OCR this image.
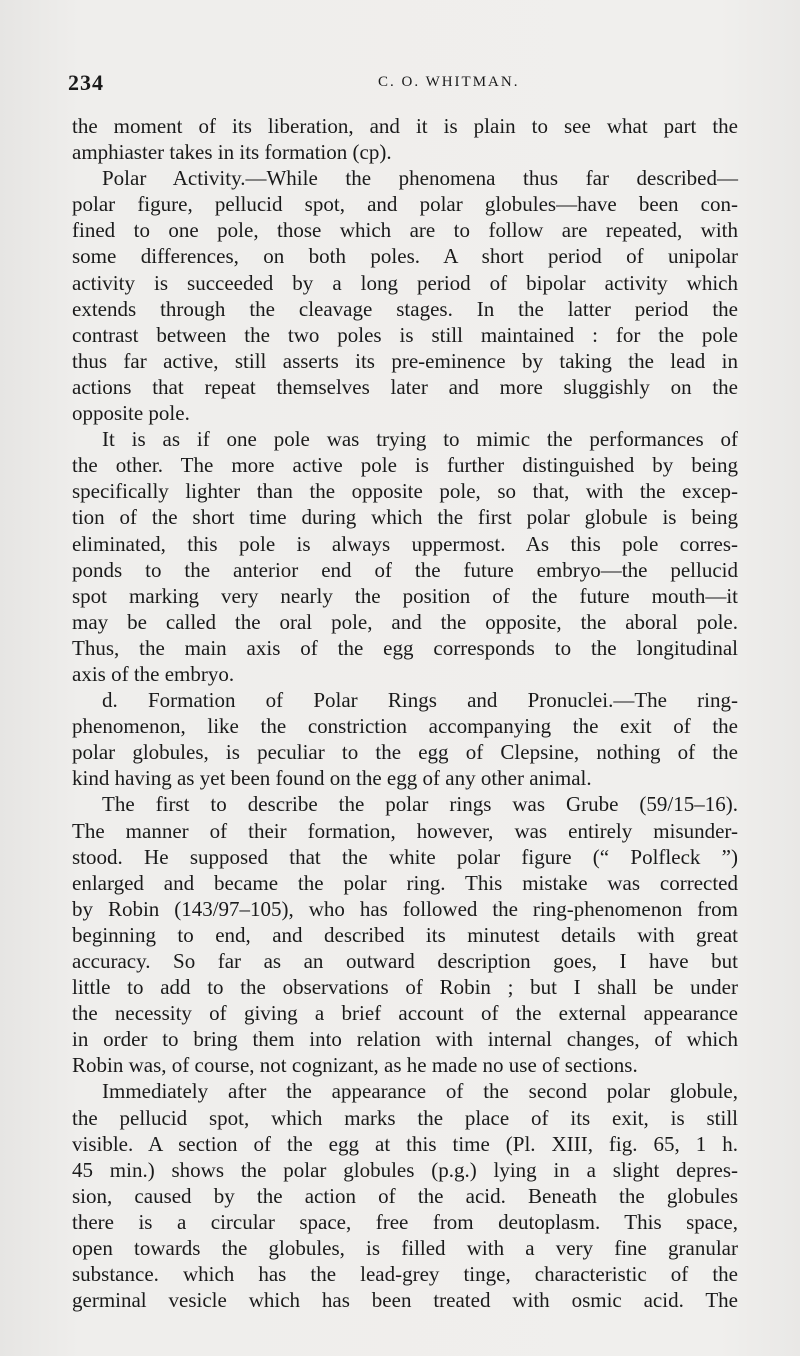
234	C. O. WHITMAN.
the moment of its liberation, and it is plain to see what part the
amphiaster takes in its formation (cp).
Polar Activity.—While the phenomena thus far described—
polar figure, pellucid spot, and polar globules—have been con-
fined to one pole, those which are to follow are repeated, with
some differences, on both poles. A short period of unipolar
activity is succeeded by a long period of bipolar activity which
extends through the cleavage stages. In the latter period the
contrast between the two poles is still maintained : for the pole
thus far active, still asserts its pre-eminence by taking the lead in
actions that repeat themselves later and more sluggishly on the
opposite pole.
It is as if one pole was trying to mimic the performances of
the other. The more active pole is further distinguished by being
specifically lighter than the opposite pole, so that, with the excep-
tion of the short time during which the first polar globule is being
eliminated, this pole is always uppermost. As this pole corres-
ponds to the anterior end of the future embryo—the pellucid
spot marking very nearly the position of the future mouth—it
may be called the oral pole, and the opposite, the aboral pole.
Thus, the main axis of the egg corresponds to the longitudinal
axis of the embryo.
d. Formation of Polar Rings and Pronuclei.—The ring-
phenomenon, like the constriction accompanying the exit of the
polar globules, is peculiar to the egg of Clepsine, nothing of the
kind having as yet been found on the egg of any other animal.
The first to describe the polar rings was Grube (59/15–16).
The manner of their formation, however, was entirely misunder-
stood. He supposed that the white polar figure (“ Polfleck ”)
enlarged and became the polar ring. This mistake was corrected
by Robin (143/97–105), who has followed the ring-phenomenon from
beginning to end, and described its minutest details with great
accuracy. So far as an outward description goes, I have but
little to add to the observations of Robin ; but I shall be under
the necessity of giving a brief account of the external appearance
in order to bring them into relation with internal changes, of which
Robin was, of course, not cognizant, as he made no use of sections.
Immediately after the appearance of the second polar globule,
the pellucid spot, which marks the place of its exit, is still
visible. A section of the egg at this time (Pl. XIII, fig. 65, 1 h.
45 min.) shows the polar globules (p.g.) lying in a slight depres-
sion, caused by the action of the acid. Beneath the globules
there is a circular space, free from deutoplasm. This space,
open towards the globules, is filled with a very fine granular
substance. which has the lead-grey tinge, characteristic of the
germinal vesicle which has been treated with osmic acid. The
